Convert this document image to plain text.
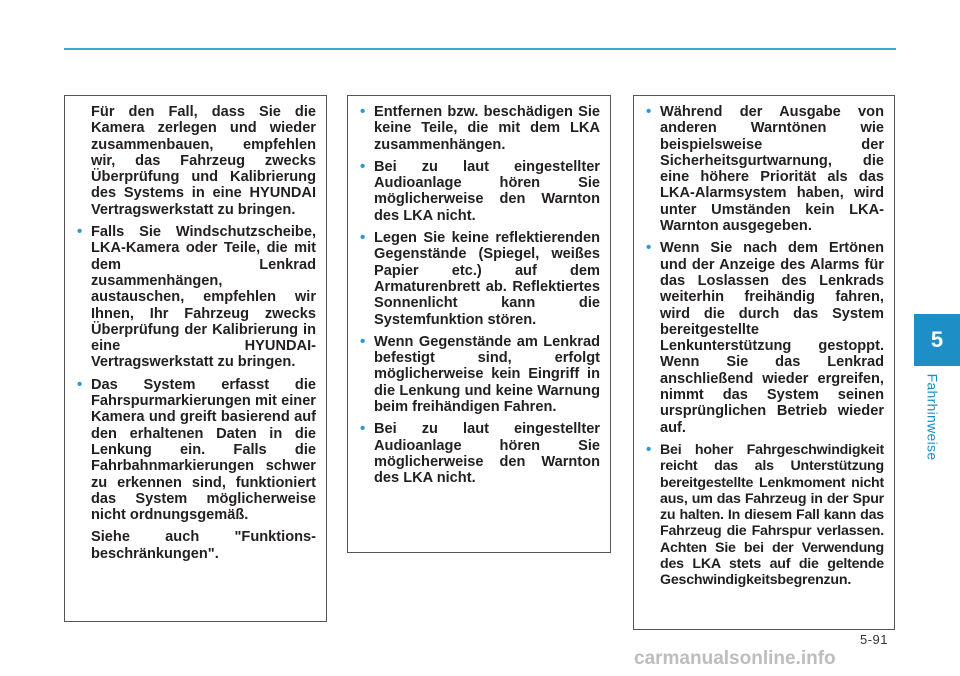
5
Fahrhinweise
Für den Fall, dass Sie die Kamera zerlegen und wieder zusammenbauen, empfehlen wir, das Fahrzeug zwecks Überprüfung und Kalibrierung des Systems in eine HYUNDAI Vertragswerkstatt zu bringen.
• Falls Sie Windschutzscheibe, LKA-Kamera oder Teile, die mit dem Lenkrad zusammenhängen, austauschen, empfehlen wir Ihnen, Ihr Fahrzeug zwecks Überprüfung der Kalibrierung in eine HYUNDAI-Vertragswerkstatt zu bringen.
• Das System erfasst die Fahrspurmarkierungen mit einer Kamera und greift basierend auf den erhaltenen Daten in die Lenkung ein. Falls die Fahrbahnmarkierungen schwer zu erkennen sind, funktioniert das System möglicherweise nicht ordnungsgemäß.
Siehe auch "Funktions-beschränkungen".
• Entfernen bzw. beschädigen Sie keine Teile, die mit dem LKA zusammenhängen.
• Bei zu laut eingestellter Audioanlage hören Sie möglicherweise den Warnton des LKA nicht.
• Legen Sie keine reflektierenden Gegenstände (Spiegel, weißes Papier etc.) auf dem Armaturenbrett ab. Reflektiertes Sonnenlicht kann die Systemfunktion stören.
• Wenn Gegenstände am Lenkrad befestigt sind, erfolgt möglicherweise kein Eingriff in die Lenkung und keine Warnung beim freihändigen Fahren.
• Bei zu laut eingestellter Audioanlage hören Sie möglicherweise den Warnton des LKA nicht.
• Während der Ausgabe von anderen Warntönen wie beispielsweise der Sicherheitsgurtwarnung, die eine höhere Priorität als das LKA-Alarmsystem haben, wird unter Umständen kein LKA-Warnton ausgegeben.
• Wenn Sie nach dem Ertönen und der Anzeige des Alarms für das Loslassen des Lenkrads weiterhin freihändig fahren, wird die durch das System bereitgestellte Lenkunterstützung gestoppt. Wenn Sie das Lenkrad anschließend wieder ergreifen, nimmt das System seinen ursprünglichen Betrieb wieder auf.
• Bei hoher Fahrgeschwindigkeit reicht das als Unterstützung bereitgestellte Lenkmoment nicht aus, um das Fahrzeug in der Spur zu halten. In diesem Fall kann das Fahrzeug die Fahrspur verlassen. Achten Sie bei der Verwendung des LKA stets auf die geltende Geschwindigkeitsbegrenzun.
5-91
carmanualsonline.info
